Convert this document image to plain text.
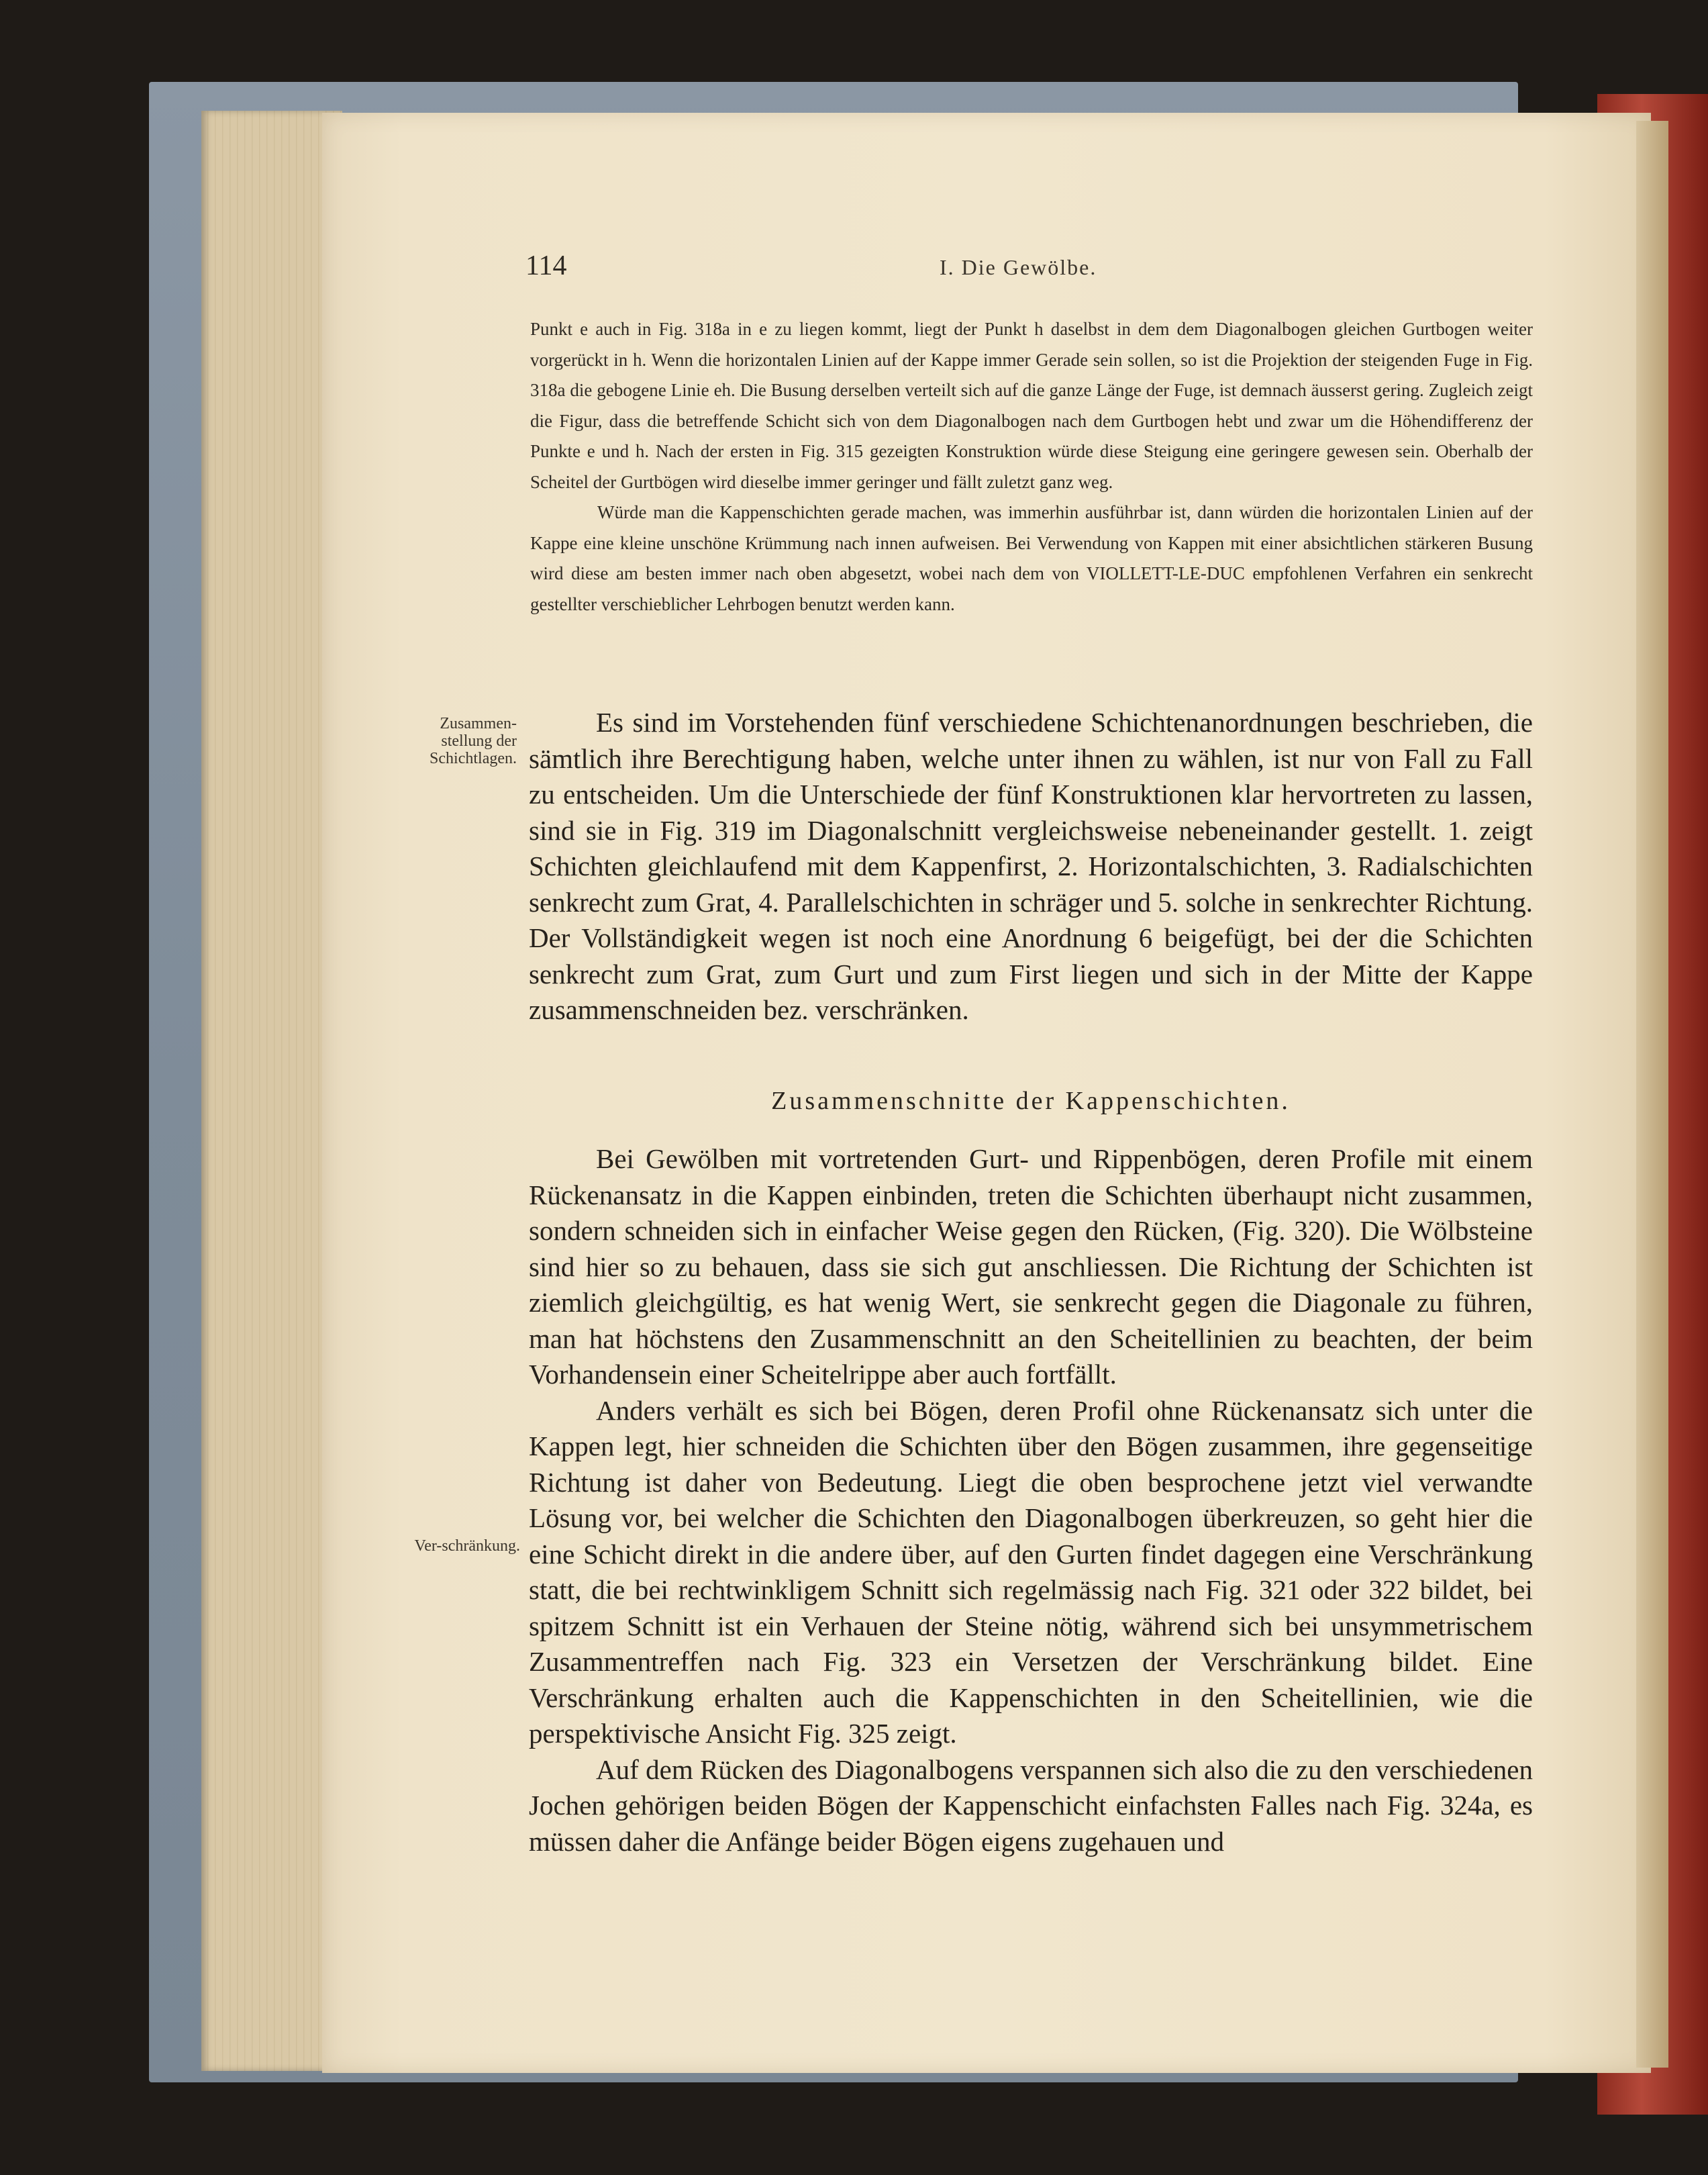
114	I. Die Gewölbe.

Punkt e auch in Fig. 318a in e zu liegen kommt, liegt der Punkt h daselbst in dem dem Diagonalbogen gleichen Gurtbogen weiter vorgerückt in h. Wenn die horizontalen Linien auf der Kappe immer Gerade sein sollen, so ist die Projektion der steigenden Fuge in Fig. 318a die gebogene Linie eh. Die Busung derselben verteilt sich auf die ganze Länge der Fuge, ist demnach äusserst gering. Zugleich zeigt die Figur, dass die betreffende Schicht sich von dem Diagonalbogen nach dem Gurtbogen hebt und zwar um die Höhendifferenz der Punkte e und h. Nach der ersten in Fig. 315 gezeigten Konstruktion würde diese Steigung eine geringere gewesen sein. Oberhalb der Scheitel der Gurtbögen wird dieselbe immer geringer und fällt zuletzt ganz weg.

Würde man die Kappenschichten gerade machen, was immerhin ausführbar ist, dann würden die horizontalen Linien auf der Kappe eine kleine unschöne Krümmung nach innen aufweisen. Bei Verwendung von Kappen mit einer absichtlichen stärkeren Busung wird diese am besten immer nach oben abgesetzt, wobei nach dem von VIOLLETT-LE-DUC empfohlenen Verfahren ein senkrecht gestellter verschieblicher Lehrbogen benutzt werden kann.

Zusammen-stellung der Schichtlagen.

Es sind im Vorstehenden fünf verschiedene Schichtenanordnungen beschrieben, die sämtlich ihre Berechtigung haben, welche unter ihnen zu wählen, ist nur von Fall zu Fall zu entscheiden. Um die Unterschiede der fünf Konstruktionen klar hervortreten zu lassen, sind sie in Fig. 319 im Diagonalschnitt vergleichsweise nebeneinander gestellt. 1. zeigt Schichten gleichlaufend mit dem Kappenfirst, 2. Horizontalschichten, 3. Radialschichten senkrecht zum Grat, 4. Parallelschichten in schräger und 5. solche in senkrechter Richtung. Der Vollständigkeit wegen ist noch eine Anordnung 6 beigefügt, bei der die Schichten senkrecht zum Grat, zum Gurt und zum First liegen und sich in der Mitte der Kappe zusammenschneiden bez. verschränken.

Zusammenschnitte der Kappenschichten.

Bei Gewölben mit vortretenden Gurt- und Rippenbögen, deren Profile mit einem Rückenansatz in die Kappen einbinden, treten die Schichten überhaupt nicht zusammen, sondern schneiden sich in einfacher Weise gegen den Rücken, (Fig. 320). Die Wölbsteine sind hier so zu behauen, dass sie sich gut anschliessen. Die Richtung der Schichten ist ziemlich gleichgültig, es hat wenig Wert, sie senkrecht gegen die Diagonale zu führen, man hat höchstens den Zusammenschnitt an den Scheitellinien zu beachten, der beim Vorhandensein einer Scheitelrippe aber auch fortfällt.

Anders verhält es sich bei Bögen, deren Profil ohne Rückenansatz sich unter die Kappen legt, hier schneiden die Schichten über den Bögen zusammen, ihre gegenseitige Richtung ist daher von Bedeutung. Liegt die oben besprochene jetzt viel verwandte Lösung vor, bei welcher die Schichten den Diagonalbogen überkreuzen, so geht hier die eine Schicht direkt in die andere über, auf den Gurten findet dagegen eine Verschränkung statt, die bei rechtwinkligem Schnitt sich regelmässig nach Fig. 321 oder 322 bildet, bei spitzem Schnitt ist ein Verhauen der Steine nötig, während sich bei unsymmetrischem Zusammentreffen nach Fig. 323 ein Versetzen der Verschränkung bildet. Eine Verschränkung erhalten auch die Kappenschichten in den Scheitellinien, wie die perspektivische Ansicht Fig. 325 zeigt.

Auf dem Rücken des Diagonalbogens verspannen sich also die zu den verschiedenen Jochen gehörigen beiden Bögen der Kappenschicht einfachsten Falles nach Fig. 324a, es müssen daher die Anfänge beider Bögen eigens zugehauen und

Ver-schränkung.
